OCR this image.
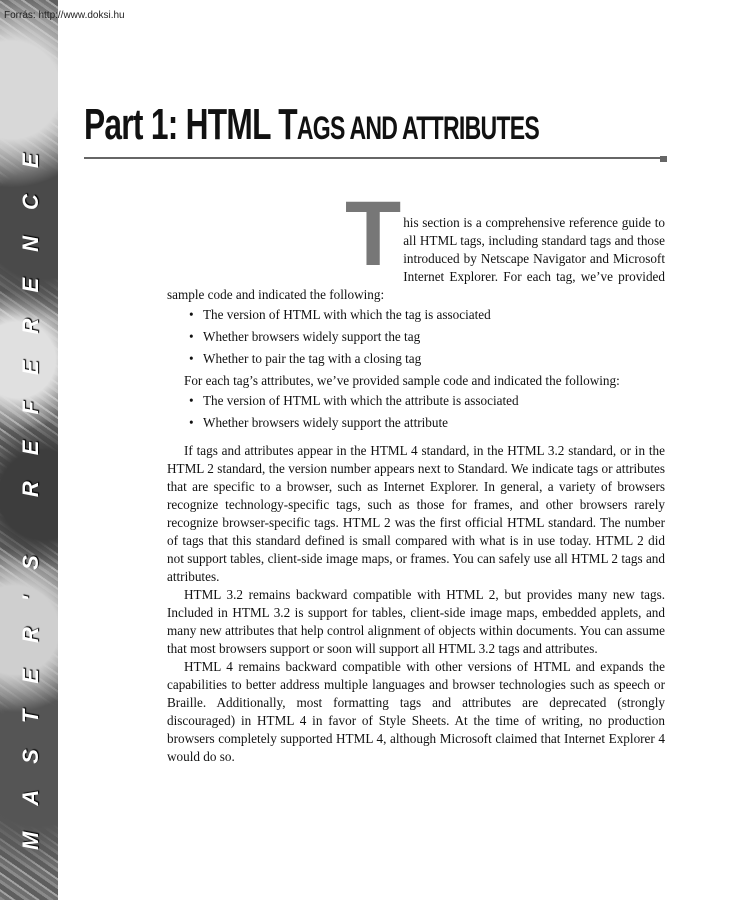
Forrás: http://www.doksi.hu
MASTER'S REFERENCE
Part 1: HTML TAGS AND ATTRIBUTES
T his section is a comprehensive reference guide to all HTML tags, including standard tags and those introduced by Netscape Navigator and Microsoft Internet Explorer. For each tag, we’ve provided sample code and indicated the following:
• The version of HTML with which the tag is associated
• Whether browsers widely support the tag
• Whether to pair the tag with a closing tag

For each tag’s attributes, we’ve provided sample code and indicated the following:

• The version of HTML with which the attribute is associated
• Whether browsers widely support the attribute

If tags and attributes appear in the HTML 4 standard, in the HTML 3.2 standard, or in the HTML 2 standard, the version number appears next to Standard. We indicate tags or attributes that are specific to a browser, such as Internet Explorer. In general, a variety of browsers recognize technology-specific tags, such as those for frames, and other browsers rarely recognize browser-specific tags. HTML 2 was the first official HTML standard. The number of tags that this standard defined is small compared with what is in use today. HTML 2 did not support tables, client-side image maps, or frames. You can safely use all HTML 2 tags and attributes.

HTML 3.2 remains backward compatible with HTML 2, but provides many new tags. Included in HTML 3.2 is support for tables, client-side image maps, embedded applets, and many new attributes that help control alignment of objects within documents. You can assume that most browsers support or soon will support all HTML 3.2 tags and attributes.

HTML 4 remains backward compatible with other versions of HTML and expands the capabilities to better address multiple languages and browser technologies such as speech or Braille. Additionally, most formatting tags and attributes are deprecated (strongly discouraged) in HTML 4 in favor of Style Sheets. At the time of writing, no production browsers completely supported HTML 4, although Microsoft claimed that Internet Explorer 4 would do so.
